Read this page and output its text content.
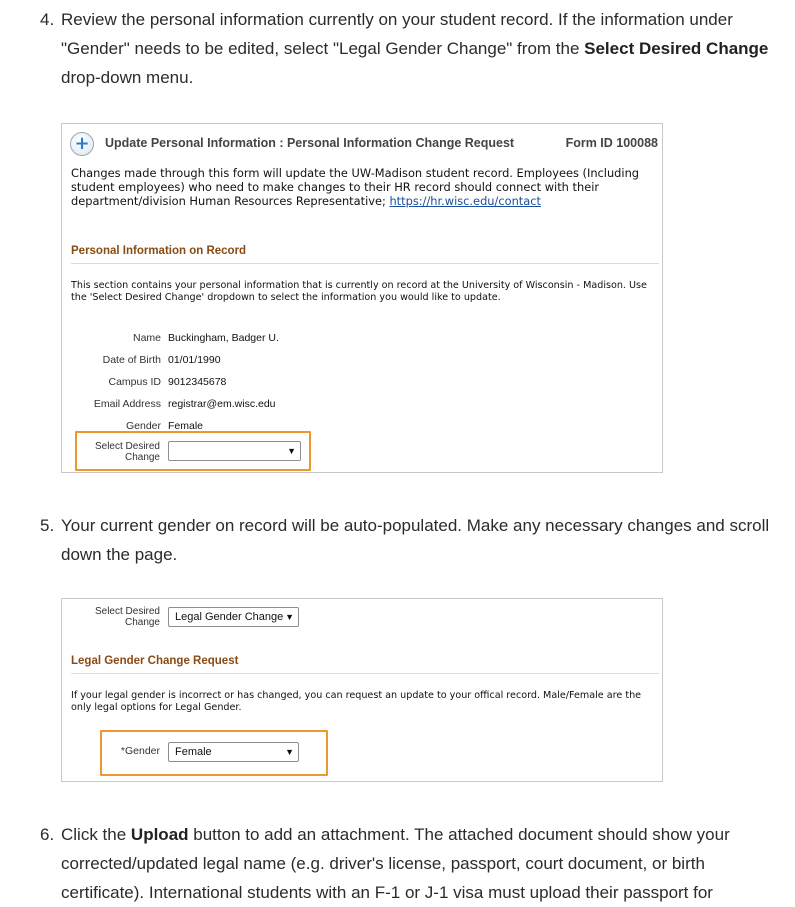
4. Review the personal information currently on your student record. If the information under "Gender" needs to be edited, select "Legal Gender Change" from the Select Desired Change drop-down menu.
+	Update Personal Information : Personal Information Change Request	Form ID 100088
Changes made through this form will update the UW-Madison student record. Employees (Including student employees) who need to make changes to their HR record should connect with their department/division Human Resources Representative; https://hr.wisc.edu/contact
Personal Information on Record
This section contains your personal information that is currently on record at the University of Wisconsin - Madison. Use the 'Select Desired Change' dropdown to select the information you would like to update.
Name Buckingham, Badger U.
Date of Birth 01/01/1990
Campus ID 9012345678
Email Address registrar@em.wisc.edu
Gender Female
Select Desired
Change
▼
5. Your current gender on record will be auto-populated. Make any necessary changes and scroll down the page.
Select Desired
Change	Legal Gender Change ▼
Legal Gender Change Request
If your legal gender is incorrect or has changed, you can request an update to your offical record. Male/Female are the only legal options for Legal Gender.
*Gender	Female	▼
6. Click the Upload button to add an attachment. The attached document should show your corrected/updated legal name (e.g. driver's license, passport, court document, or birth certificate). International students with an F-1 or J-1 visa must upload their passport for
